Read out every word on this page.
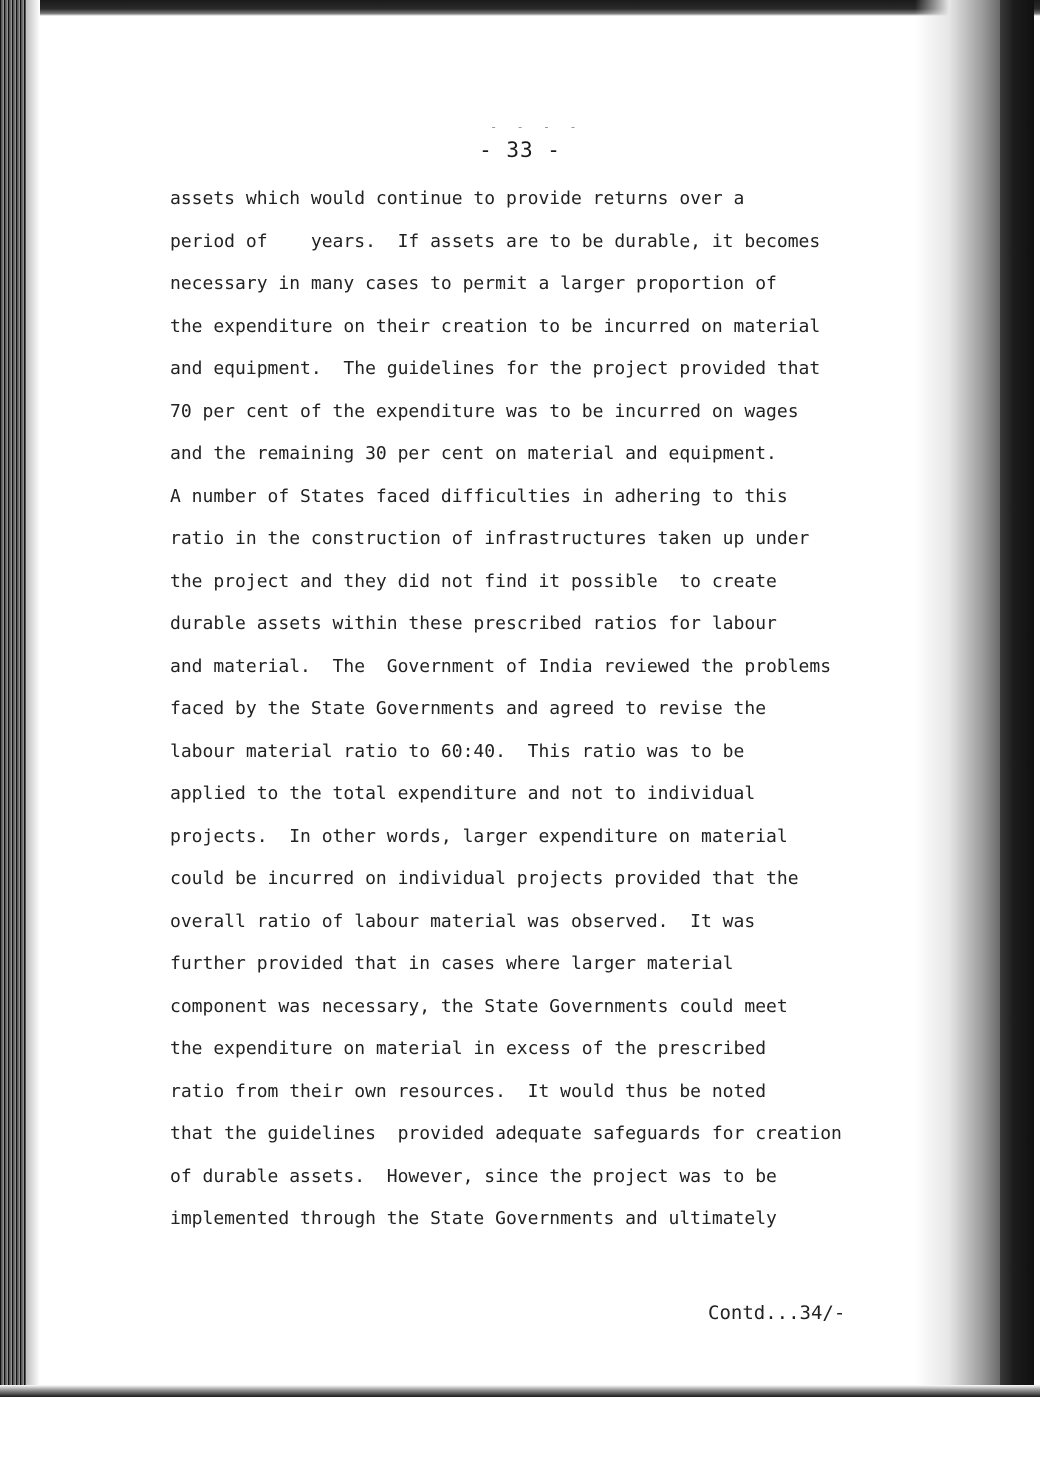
- - - -
- 33 -
assets which would continue to provide returns over a
period of    years.  If assets are to be durable, it becomes
necessary in many cases to permit a larger proportion of
the expenditure on their creation to be incurred on material
and equipment.  The guidelines for the project provided that
70 per cent of the expenditure was to be incurred on wages
and the remaining 30 per cent on material and equipment.
A number of States faced difficulties in adhering to this
ratio in the construction of infrastructures taken up under
the project and they did not find it possible  to create
durable assets within these prescribed ratios for labour
and material.  The  Government of India reviewed the problems
faced by the State Governments and agreed to revise the
labour material ratio to 60:40.  This ratio was to be
applied to the total expenditure and not to individual
projects.  In other words, larger expenditure on material
could be incurred on individual projects provided that the
overall ratio of labour material was observed.  It was
further provided that in cases where larger material
component was necessary, the State Governments could meet
the expenditure on material in excess of the prescribed
ratio from their own resources.  It would thus be noted
that the guidelines  provided adequate safeguards for creation
of durable assets.  However, since the project was to be
implemented through the State Governments and ultimately
Contd...34/-
